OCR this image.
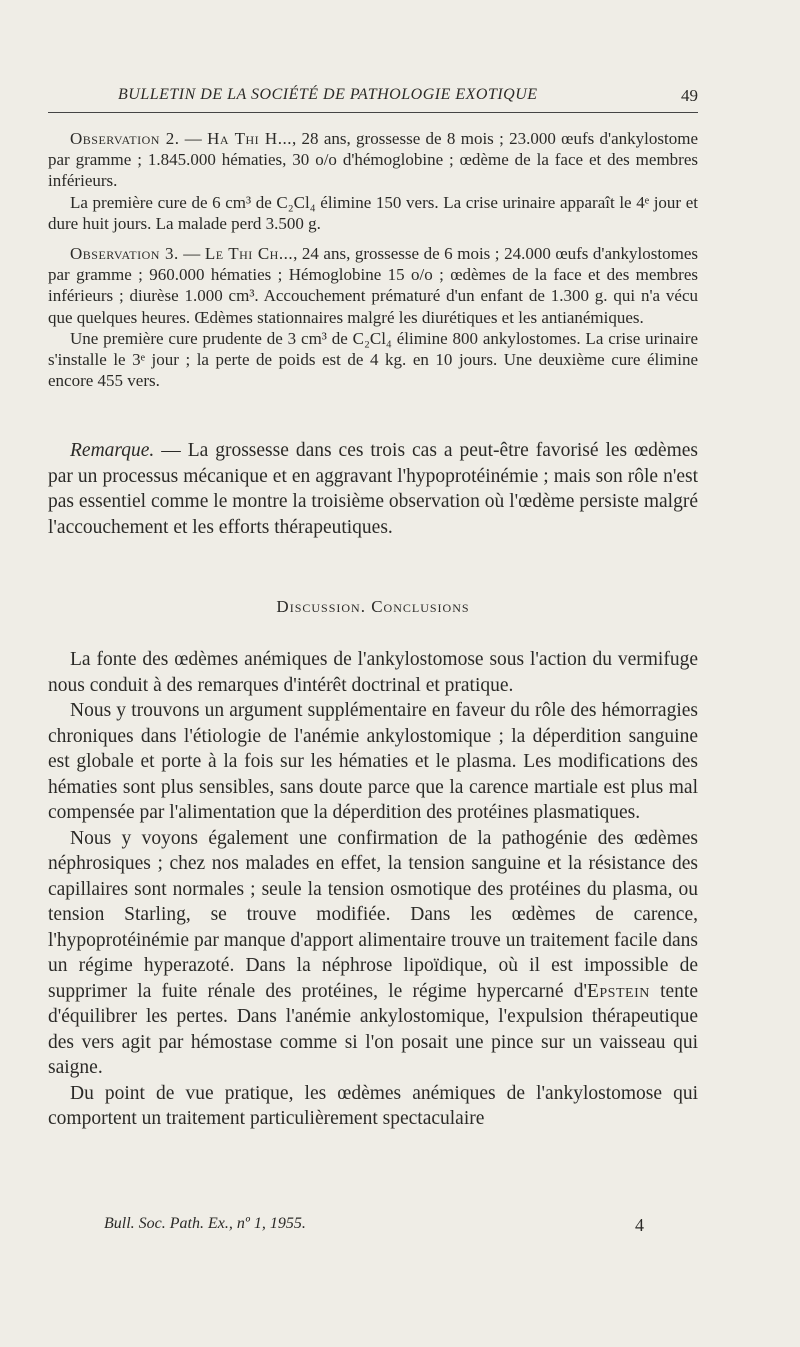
BULLETIN DE LA SOCIÉTÉ DE PATHOLOGIE EXOTIQUE	49

Observation 2. — Ha Thi H..., 28 ans, grossesse de 8 mois ; 23.000 œufs d'ankylostome par gramme ; 1.845.000 hématies, 30 o/o d'hémoglobine ; œdème de la face et des membres inférieurs.

La première cure de 6 cm³ de C₂Cl₄ élimine 150 vers. La crise urinaire apparaît le 4ᵉ jour et dure huit jours. La malade perd 3.500 g.

Observation 3. — Le Thi Ch..., 24 ans, grossesse de 6 mois ; 24.000 œufs d'ankylostomes par gramme ; 960.000 hématies ; Hémoglobine 15 o/o ; œdèmes de la face et des membres inférieurs ; diurèse 1.000 cm³. Accouchement prématuré d'un enfant de 1.300 g. qui n'a vécu que quelques heures. Œdèmes stationnaires malgré les diurétiques et les antianémiques.

Une première cure prudente de 3 cm³ de C₂Cl₄ élimine 800 ankylostomes. La crise urinaire s'installe le 3ᵉ jour ; la perte de poids est de 4 kg. en 10 jours. Une deuxième cure élimine encore 455 vers.

Remarque. — La grossesse dans ces trois cas a peut-être favorisé les œdèmes par un processus mécanique et en aggravant l'hypoprotéinémie ; mais son rôle n'est pas essentiel comme le montre la troisième observation où l'œdème persiste malgré l'accouchement et les efforts thérapeutiques.

Discussion. Conclusions

La fonte des œdèmes anémiques de l'ankylostomose sous l'action du vermifuge nous conduit à des remarques d'intérêt doctrinal et pratique.

Nous y trouvons un argument supplémentaire en faveur du rôle des hémorragies chroniques dans l'étiologie de l'anémie ankylostomique ; la déperdition sanguine est globale et porte à la fois sur les hématies et le plasma. Les modifications des hématies sont plus sensibles, sans doute parce que la carence martiale est plus mal compensée par l'alimentation que la déperdition des protéines plasmatiques.

Nous y voyons également une confirmation de la pathogénie des œdèmes néphrosiques ; chez nos malades en effet, la tension sanguine et la résistance des capillaires sont normales ; seule la tension osmotique des protéines du plasma, ou tension Starling, se trouve modifiée. Dans les œdèmes de carence, l'hypoprotéinémie par manque d'apport alimentaire trouve un traitement facile dans un régime hyperazoté. Dans la néphrose lipoïdique, où il est impossible de supprimer la fuite rénale des protéines, le régime hypercarné d'Epstein tente d'équilibrer les pertes. Dans l'anémie ankylostomique, l'expulsion thérapeutique des vers agit par hémostase comme si l'on posait une pince sur un vaisseau qui saigne.

Du point de vue pratique, les œdèmes anémiques de l'ankylostomose qui comportent un traitement particulièrement spectaculaire

Bull. Soc. Path. Ex., nº 1, 1955.	4
